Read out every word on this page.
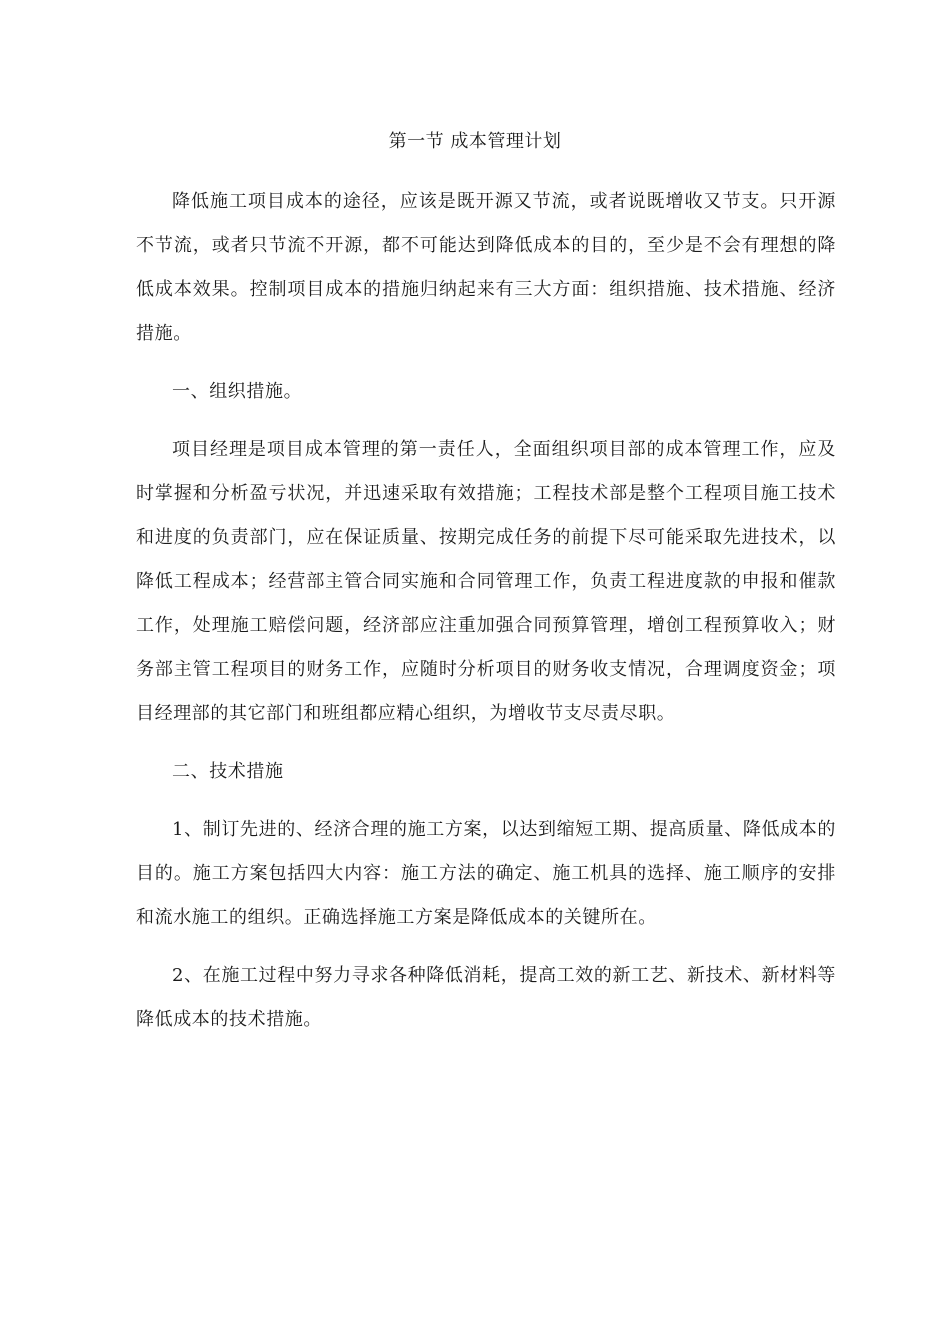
第一节 成本管理计划

降低施工项目成本的途径，应该是既开源又节流，或者说既增收又节支。只开源不节流，或者只节流不开源，都不可能达到降低成本的目的，至少是不会有理想的降低成本效果。控制项目成本的措施归纳起来有三大方面：组织措施、技术措施、经济措施。

一、组织措施。

项目经理是项目成本管理的第一责任人，全面组织项目部的成本管理工作，应及时掌握和分析盈亏状况，并迅速采取有效措施；工程技术部是整个工程项目施工技术和进度的负责部门，应在保证质量、按期完成任务的前提下尽可能采取先进技术，以降低工程成本；经营部主管合同实施和合同管理工作，负责工程进度款的申报和催款工作，处理施工赔偿问题，经济部应注重加强合同预算管理，增创工程预算收入；财务部主管工程项目的财务工作，应随时分析项目的财务收支情况，合理调度资金；项目经理部的其它部门和班组都应精心组织，为增收节支尽责尽职。

二、技术措施

1、制订先进的、经济合理的施工方案，以达到缩短工期、提高质量、降低成本的目的。施工方案包括四大内容：施工方法的确定、施工机具的选择、施工顺序的安排和流水施工的组织。正确选择施工方案是降低成本的关键所在。

2、在施工过程中努力寻求各种降低消耗，提高工效的新工艺、新技术、新材料等降低成本的技术措施。
